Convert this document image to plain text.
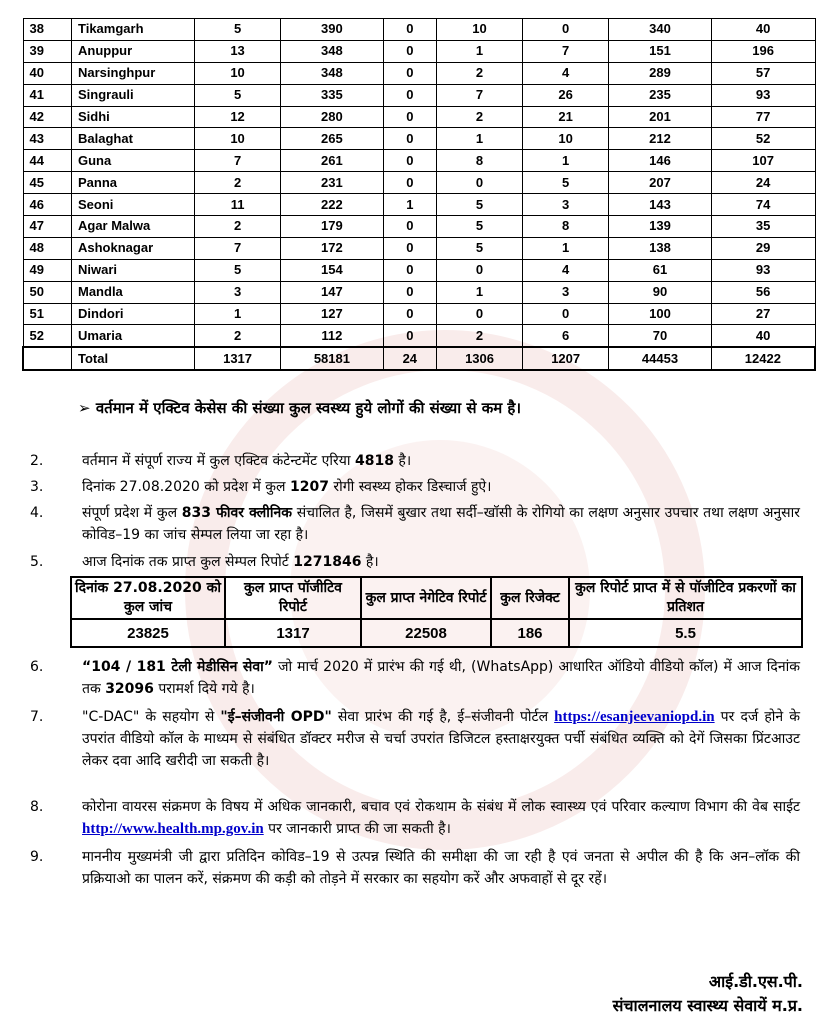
38	Tikamgarh	5	390	0	10	0	340	40
39	Anuppur	13	348	0	1	7	151	196
40	Narsinghpur	10	348	0	2	4	289	57
41	Singrauli	5	335	0	7	26	235	93
42	Sidhi	12	280	0	2	21	201	77
43	Balaghat	10	265	0	1	10	212	52
44	Guna	7	261	0	8	1	146	107
45	Panna	2	231	0	0	5	207	24
46	Seoni	11	222	1	5	3	143	74
47	Agar Malwa	2	179	0	5	8	139	35
48	Ashoknagar	7	172	0	5	1	138	29
49	Niwari	5	154	0	0	4	61	93
50	Mandla	3	147	0	1	3	90	56
51	Dindori	1	127	0	0	0	100	27
52	Umaria	2	112	0	2	6	70	40
	Total	1317	58181	24	1306	1207	44453	12422
➢ वर्तमान में एक्टिव केसेस की संख्या कुल स्वस्थ्य हुये लोगों की संख्या से कम है।
2.	वर्तमान में संपूर्ण राज्य में कुल एक्टिव कंटेन्टमेंट एरिया 4818 है।
3.	दिनांक 27.08.2020 को प्रदेश में कुल 1207 रोगी स्वस्थ्य होकर डिस्चार्ज हुऐ।
4.	संपूर्ण प्रदेश में कुल 833 फीवर क्लीनिक संचालित है, जिसमें बुखार तथा सर्दी–खॉसी के रोगियो का लक्षण अनुसार उपचार तथा लक्षण अनुसार कोविड–19 का जांच सेम्पल लिया जा रहा है।
5.	आज दिनांक तक प्राप्त कुल सेम्पल रिपोर्ट 1271846 है।
दिनांक 27.08.2020 को कुल जांच	कुल प्राप्त पॉजीटिव रिपोर्ट	कुल प्राप्त नेगेटिव रिपोर्ट	कुल रिजेक्ट	कुल रिपोर्ट प्राप्त में से पॉजीटिव प्रकरणों का प्रतिशत
23825	1317	22508	186	5.5
6.	“104 / 181 टेली मेडीसिन सेवा” जो मार्च 2020 में प्रारंभ की गई थी, (WhatsApp) आधारित ऑडियो वीडियो कॉल) में आज दिनांक तक 32096 परामर्श दिये गये है।
7.	"C-DAC" के सहयोग से "ई–संजीवनी OPD" सेवा प्रारंभ की गई है, ई–संजीवनी पोर्टल https://esanjeevaniopd.in पर दर्ज होने के उपरांत वीडियो कॉल के माध्यम से संबंधित डॉक्टर मरीज से चर्चा उपरांत डिजिटल हस्ताक्षरयुक्त पर्ची संबंधित व्यक्ति को देगें जिसका प्रिंटआउट लेकर दवा आदि खरीदी जा सकती है।
8.	कोरोना वायरस संक्रमण के विषय में अधिक जानकारी, बचाव एवं रोकथाम के संबंध में लोक स्वास्थ्य एवं परिवार कल्याण विभाग की वेब साईट http://www.health.mp.gov.in पर जानकारी प्राप्त की जा सकती है।
9.	माननीय मुख्यमंत्री जी द्वारा प्रतिदिन कोविड–19 से उत्पन्न स्थिति की समीक्षा की जा रही है एवं जनता से अपील की है कि अन–लॉक की प्रक्रियाओ का पालन करें, संक्रमण की कड़ी को तोड़ने में सरकार का सहयोग करें और अफवाहों से दूर रहें।
आई.डी.एस.पी.
संचालनालय स्वास्थ्य सेवायें म.प्र.
